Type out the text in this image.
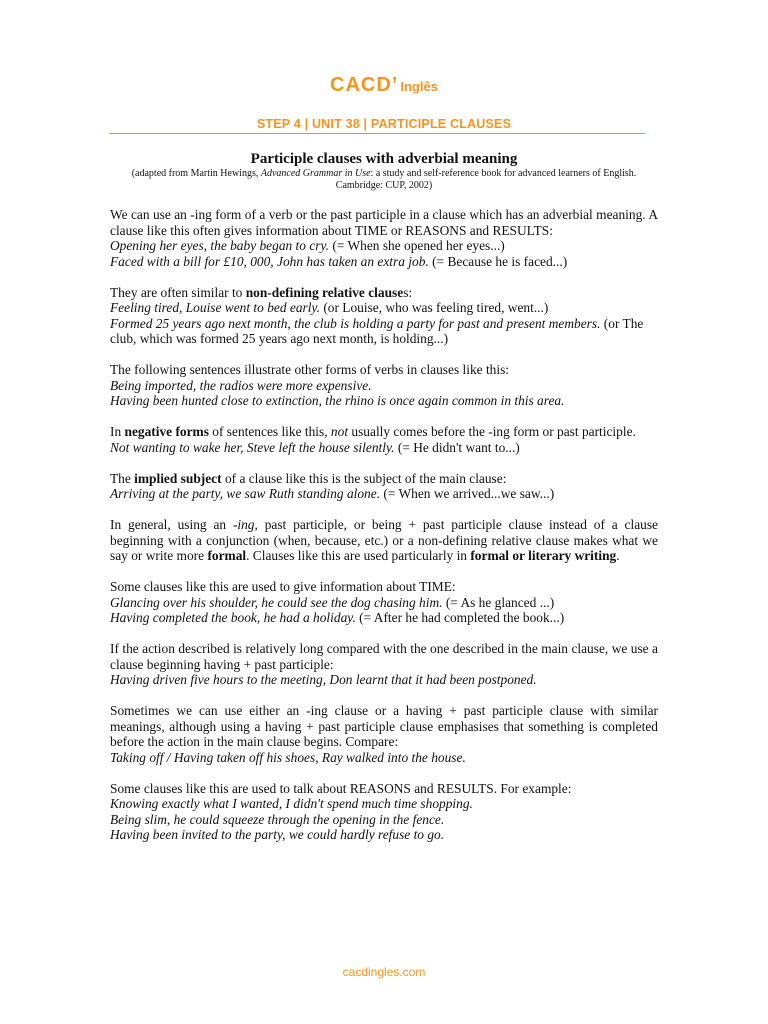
CACD’ Inglês
STEP 4 | UNIT 38 | PARTICIPLE CLAUSES
Participle clauses with adverbial meaning
(adapted from Martin Hewings, Advanced Grammar in Use: a study and self-reference book for advanced learners of English.
Cambridge: CUP, 2002)

We can use an -ing form of a verb or the past participle in a clause which has an adverbial meaning. A clause like this often gives information about TIME or REASONS and RESULTS:
Opening her eyes, the baby began to cry. (= When she opened her eyes...)
Faced with a bill for £10, 000, John has taken an extra job. (= Because he is faced...)

They are often similar to non-defining relative clauses:
Feeling tired, Louise went to bed early. (or Louise, who was feeling tired, went...)
Formed 25 years ago next month, the club is holding a party for past and present members. (or The club, which was formed 25 years ago next month, is holding...)

The following sentences illustrate other forms of verbs in clauses like this:
Being imported, the radios were more expensive.
Having been hunted close to extinction, the rhino is once again common in this area.

In negative forms of sentences like this, not usually comes before the -ing form or past participle.
Not wanting to wake her, Steve left the house silently. (= He didn't want to...)

The implied subject of a clause like this is the subject of the main clause:
Arriving at the party, we saw Ruth standing alone. (= When we arrived...we saw...)

In general, using an -ing, past participle, or being + past participle clause instead of a clause beginning with a conjunction (when, because, etc.) or a non-defining relative clause makes what we say or write more formal. Clauses like this are used particularly in formal or literary writing.

Some clauses like this are used to give information about TIME:
Glancing over his shoulder, he could see the dog chasing him. (= As he glanced ...)
Having completed the book, he had a holiday. (= After he had completed the book...)

If the action described is relatively long compared with the one described in the main clause, we use a clause beginning having + past participle:
Having driven five hours to the meeting, Don learnt that it had been postponed.

Sometimes we can use either an -ing clause or a having + past participle clause with similar meanings, although using a having + past participle clause emphasises that something is completed before the action in the main clause begins. Compare:
Taking off / Having taken off his shoes, Ray walked into the house.

Some clauses like this are used to talk about REASONS and RESULTS. For example:
Knowing exactly what I wanted, I didn't spend much time shopping.
Being slim, he could squeeze through the opening in the fence.
Having been invited to the party, we could hardly refuse to go.

cacdingles.com
